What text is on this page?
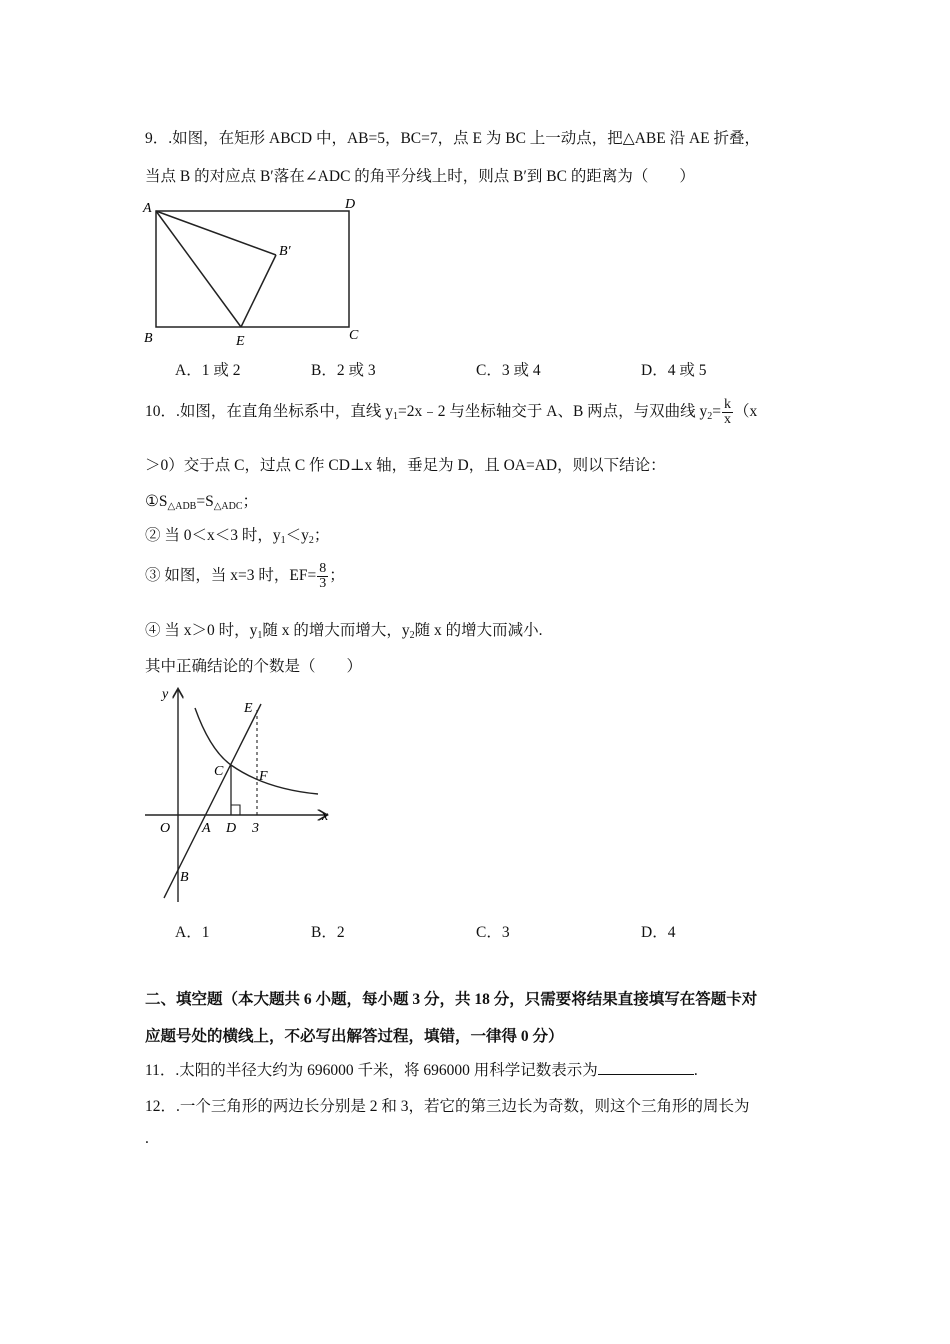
9．.如图，在矩形 ABCD 中，AB=5，BC=7，点 E 为 BC 上一动点，把△ABE 沿 AE 折叠，
当点 B 的对应点 B′落在∠ADC 的角平分线上时，则点 B′到 BC 的距离为（　　）
A	D
B′
B	E	C
A．1 或 2	B．2 或 3	C．3 或 4	D．4 或 5
10．.如图，在直角坐标系中，直线 $y_1=2x﹣2$ 与坐标轴交于 A、B 两点，与双曲线 $y_2= \frac{k}{x} (x$
＞0）交于点 C，过点 C 作 CD⊥x 轴，垂足为 D，且 OA=AD，则以下结论：
$①S_{\triangle ADB}=S_{\triangle ADC}$；
② 当 0＜x＜3 时，$y_1<y_2$；
③ 如图，当 x=3 时，$EF= \frac{8}{3}$ ；
④ 当 x＞0 时，$y_1$随 x 的增大而增大，$y_2$随 x 的增大而减小.
其中正确结论的个数是（　　）
y
x
O A D 3
B
C
E
F
A．1	B．2	C．3	D．4
二、填空题（本大题共 6 小题，每小题 3 分，共 18 分，只需要将结果直接填写在答题卡对
应题号处的横线上，不必写出解答过程，填错，一律得 0 分）
11．.太阳的半径大约为 696000 千米，将 696000 用科学记数表示为	.
12．.一个三角形的两边长分别是 2 和 3，若它的第三边长为奇数，则这个三角形的周长为
.
